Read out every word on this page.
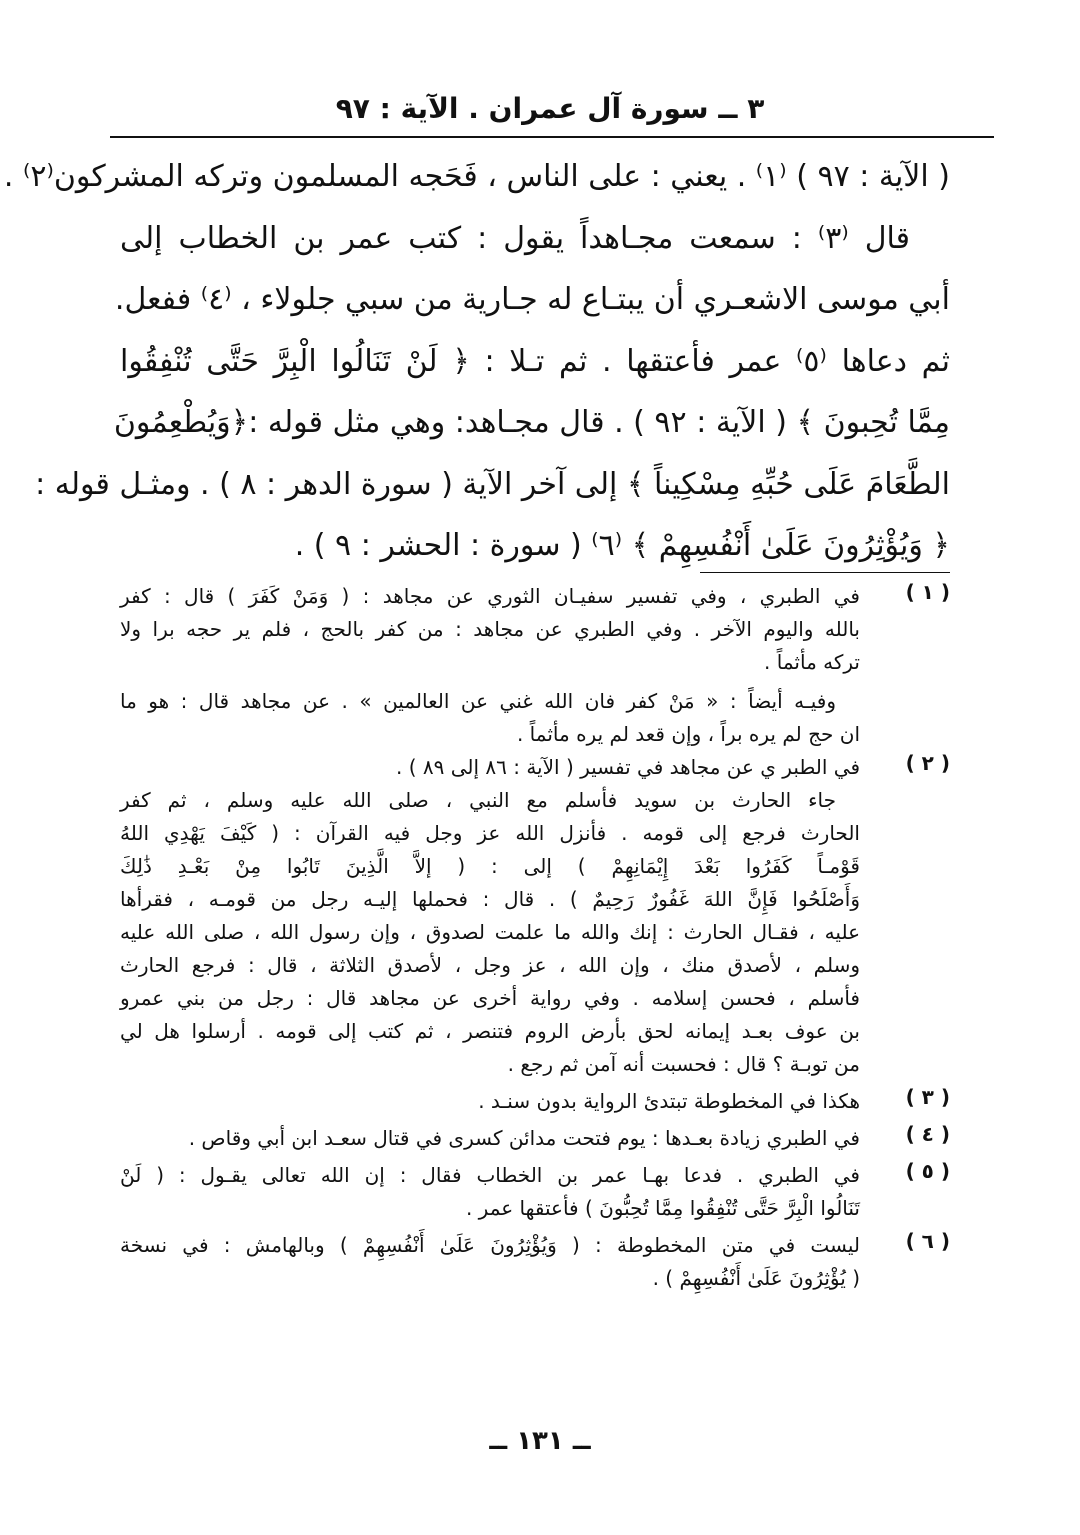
٣ ــ سورة آل عمران . الآية : ٩٧
( الآية : ٩٧ ) ⁽١⁾ . يعني : على الناس ، فَحَجه المسلمون وتركه المشركون⁽٢⁾ .
قال ⁽٣⁾ : سمعت مجـاهداً يقول : كتب عمر بن الخطاب إلى
أبي موسى الاشعـري أن يبتـاع له جـارية من سبي جلولاء ، ⁽٤⁾ ففعل.
ثم دعاها ⁽٥⁾ عمر فأعتقها . ثم تـلا : ﴿ لَنْ تَنَالُوا الْبِرَّ حَتَّى تُنْفِقُوا
مِمَّا تُحِبونَ ﴾ ( الآية : ٩٢ ) . قال مجـاهد: وهي مثل قوله :﴿وَيُطْعِمُونَ
الطَّعَامَ عَلَى حُبِّهِ مِسْكِيناً ﴾ إلى آخر الآية ( سورة الدهر : ٨ ) . ومثـل قوله :
﴿ وَيُؤْثِرُونَ عَلَىٰ أَنْفُسِهِمْ ﴾ ⁽٦⁾ ( سورة : الحشر : ٩ ) .
( ١ )
في الطبري ، وفي تفسير سفيـان الثوري عن مجاهد : ( وَمَنْ كَفَرَ ) قال : كفر
بالله واليوم الآخر . وفي الطبري عن مجاهد : من كفر بالحج ، فلم ير حجه برا ولا
تركه مأثماً .
وفيـه أيضاً : « مَنْ كفر فان الله غني عن العالمين » . عن مجاهد قال : هو ما
ان حج لم يره براً ، وإن قعد لم يره مأثماً .
( ٢ )
في الطبر ي عن مجاهد في تفسير ( الآية : ٨٦ إلى ٨٩ ) .
جاء الحارث بن سويد فأسلم مع النبي ، صلى الله عليه وسلم ، ثم كفر
الحارث فرجع إلى قومه . فأنزل الله عز وجل فيه القرآن : ( كَيْفَ يَهْدِي اللهُ
قَوْمـاً كَفَرُوا بَعْدَ إِيْمَانِهِمْ ) إلى : ( إلاَّ الَّذِينَ تَابُوا مِنْ بَعْـدِ ذَٰلِكَ
وَأَصْلَحُوا فَإِنَّ اللهَ غَفُورٌ رَحِيمٌ ) . قال : فحملها إليـه رجل من قومـه ، فقرأها
عليه ، فقـال الحارث : إنك والله ما علمت لصدوق ، وإن رسول الله ، صلى الله عليه
وسلم ، لأصدق منك ، وإن الله ، عز وجل ، لأصدق الثلاثة ، قال : فرجع الحارث
فأسلم ، فحسن إسلامه . وفي رواية أخرى عن مجاهد قال : رجل من بني عمرو
بن عوف بعـد إيمانه لحق بأرض الروم فتنصر ، ثم كتب إلى قومه . أرسلوا هل لي
من توبـة ؟ قال : فحسبت أنه آمن ثم رجع .
( ٣ )
هكذا في المخطوطة تبتدئ الرواية بدون سنـد .
( ٤ )
في الطبري زيادة بعـدها : يوم فتحت مدائن كسرى في قتال سعـد ابن أبي وقاص .
( ٥ )
في الطبري . فدعا بهـا عمر بن الخطاب فقال : إن الله تعالى يقـول : ( لَنْ
تَنَالُوا الْبِرَّ حَتَّى تُنْفِقُوا مِمَّا تُحِبُّونَ ) فأعتقها عمر .
( ٦ )
ليست في متن المخطوطة : ( وَيُؤْثِرُونَ عَلَىٰ أَنْفُسِهِمْ ) وبالهامش : في نسخة
( يُؤْثِرُونَ عَلَىٰ أَنْفُسِهِمْ ) .
ــ ١٣١ ــ
